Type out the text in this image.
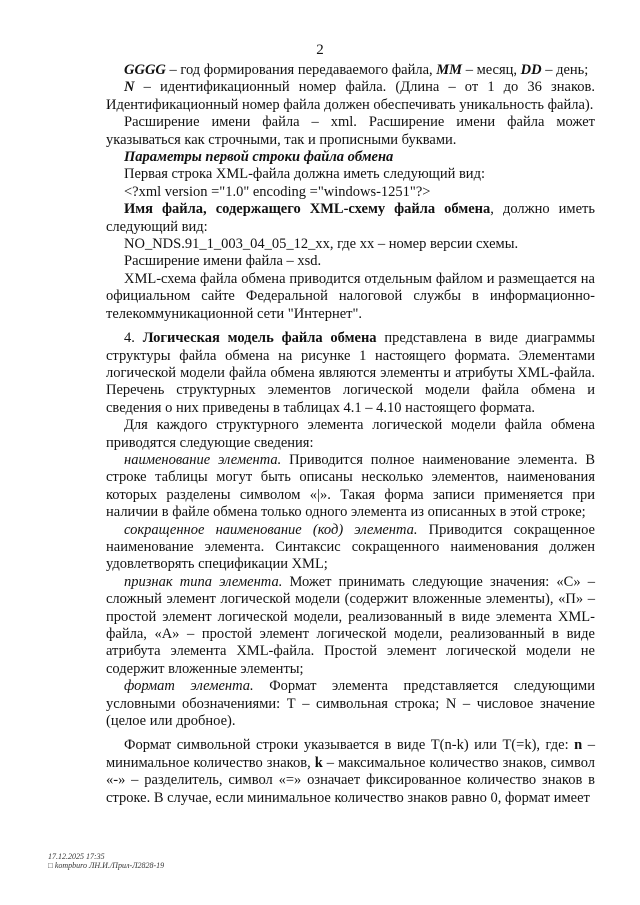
2

GGGG – год формирования передаваемого файла, ММ – месяц, DD – день;

N – идентификационный номер файла. (Длина – от 1 до 36 знаков. Идентификационный номер файла должен обеспечивать уникальность файла).

Расширение имени файла – xml. Расширение имени файла может указываться как строчными, так и прописными буквами.

Параметры первой строки файла обмена

Первая строка XML-файла должна иметь следующий вид:

<?xml version ="1.0" encoding ="windows-1251"?>

Имя файла, содержащего XML-схему файла обмена, должно иметь следующий вид:

NO_NDS.91_1_003_04_05_12_xx, где хх – номер версии схемы.

Расширение имени файла – xsd.

XML-схема файла обмена приводится отдельным файлом и размещается на официальном сайте Федеральной налоговой службы в информационно-телекоммуникационной сети "Интернет".

4. Логическая модель файла обмена представлена в виде диаграммы структуры файла обмена на рисунке 1 настоящего формата. Элементами логической модели файла обмена являются элементы и атрибуты XML-файла. Перечень структурных элементов логической модели файла обмена и сведения о них приведены в таблицах 4.1 – 4.10 настоящего формата.

Для каждого структурного элемента логической модели файла обмена приводятся следующие сведения:

наименование элемента. Приводится полное наименование элемента. В строке таблицы могут быть описаны несколько элементов, наименования которых разделены символом «|». Такая форма записи применяется при наличии в файле обмена только одного элемента из описанных в этой строке;

сокращенное наименование (код) элемента. Приводится сокращенное наименование элемента. Синтаксис сокращенного наименования должен удовлетворять спецификации XML;

признак типа элемента. Может принимать следующие значения: «С» – сложный элемент логической модели (содержит вложенные элементы), «П» – простой элемент логической модели, реализованный в виде элемента XML-файла, «А» – простой элемент логической модели, реализованный в виде атрибута элемента XML-файла. Простой элемент логической модели не содержит вложенные элементы;

формат элемента. Формат элемента представляется следующими условными обозначениями: Т – символьная строка; N – числовое значение (целое или дробное).

Формат символьной строки указывается в виде Т(n-k) или T(=k), где: n – минимальное количество знаков, k – максимальное количество знаков, символ «-» – разделитель, символ «=» означает фиксированное количество знаков в строке. В случае, если минимальное количество знаков равно 0, формат имеет

17.12.2025 17:35
□ kompburo ЛН.И./Прил-Л2828-19
